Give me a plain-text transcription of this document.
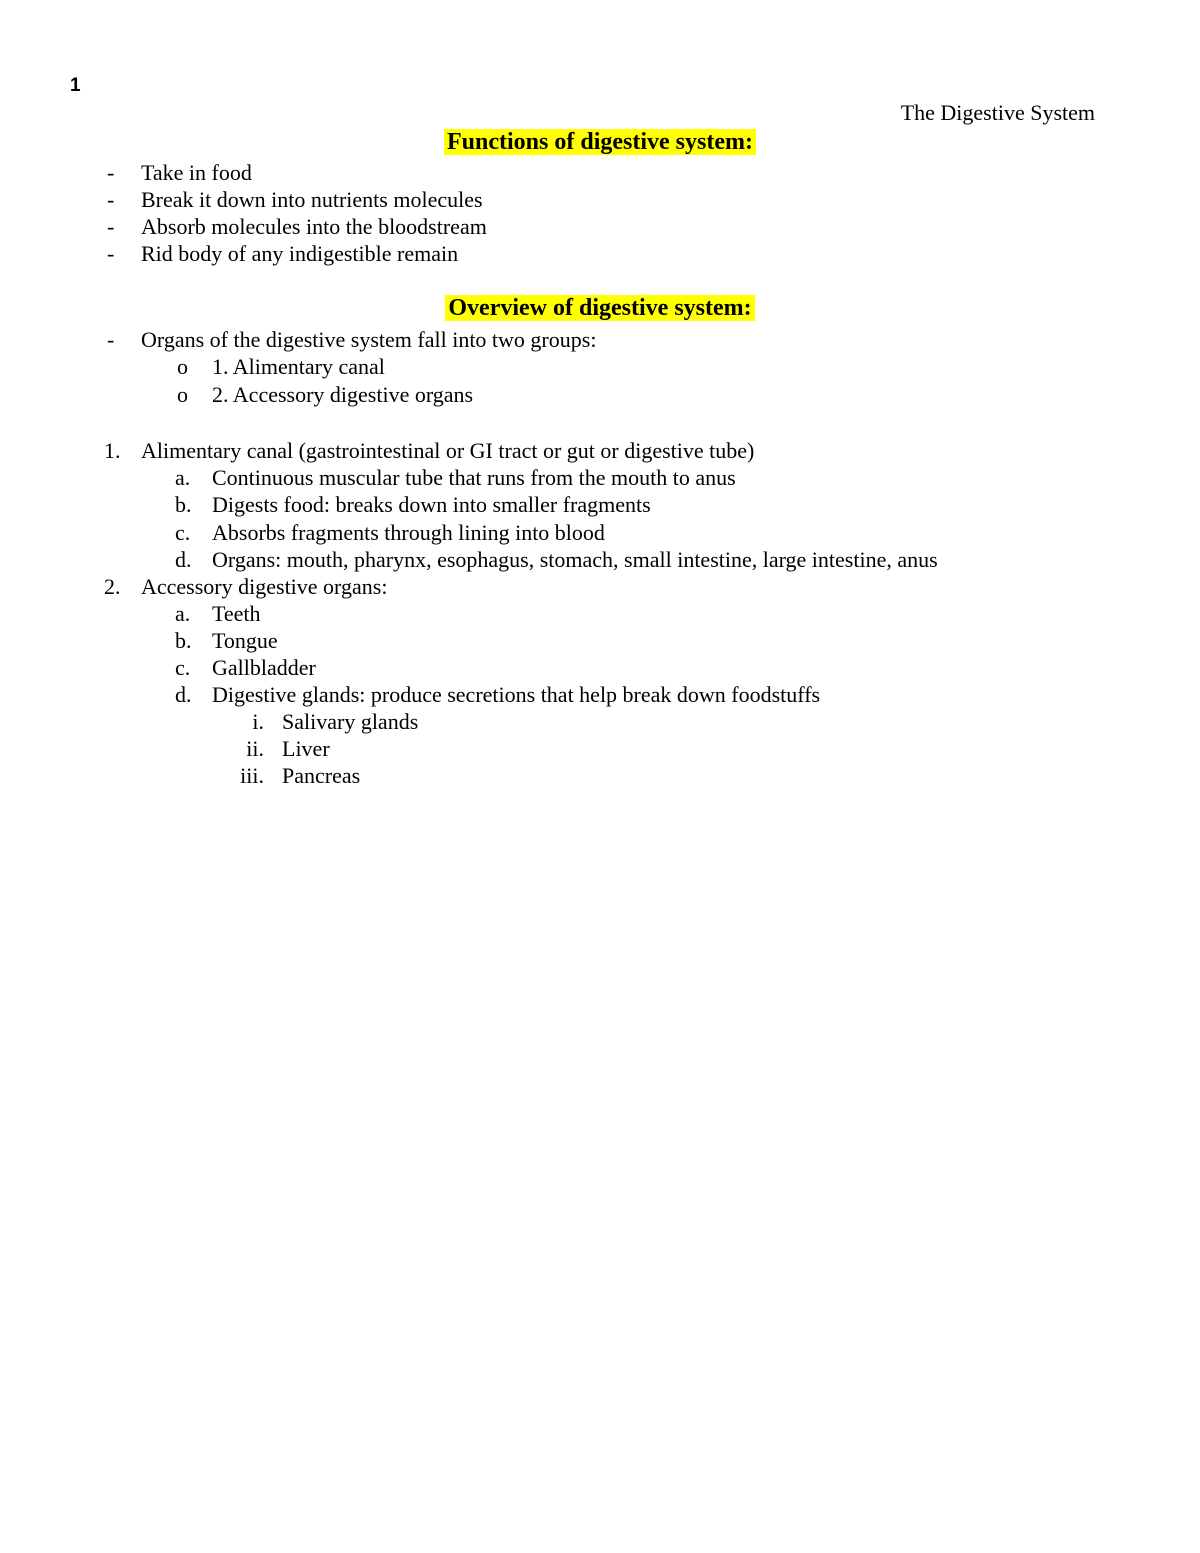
1
The Digestive System
Functions of digestive system:
- Take in food
- Break it down into nutrients molecules
- Absorb molecules into the bloodstream
- Rid body of any indigestible remain
Overview of digestive system:
- Organs of the digestive system fall into two groups:
o 1. Alimentary canal
o 2. Accessory digestive organs
1. Alimentary canal (gastrointestinal or GI tract or gut or digestive tube)
a. Continuous muscular tube that runs from the mouth to anus
b. Digests food: breaks down into smaller fragments
c. Absorbs fragments through lining into blood
d. Organs: mouth, pharynx, esophagus, stomach, small intestine, large intestine, anus
2. Accessory digestive organs:
a. Teeth
b. Tongue
c. Gallbladder
d. Digestive glands: produce secretions that help break down foodstuffs
i. Salivary glands
ii. Liver
iii. Pancreas
